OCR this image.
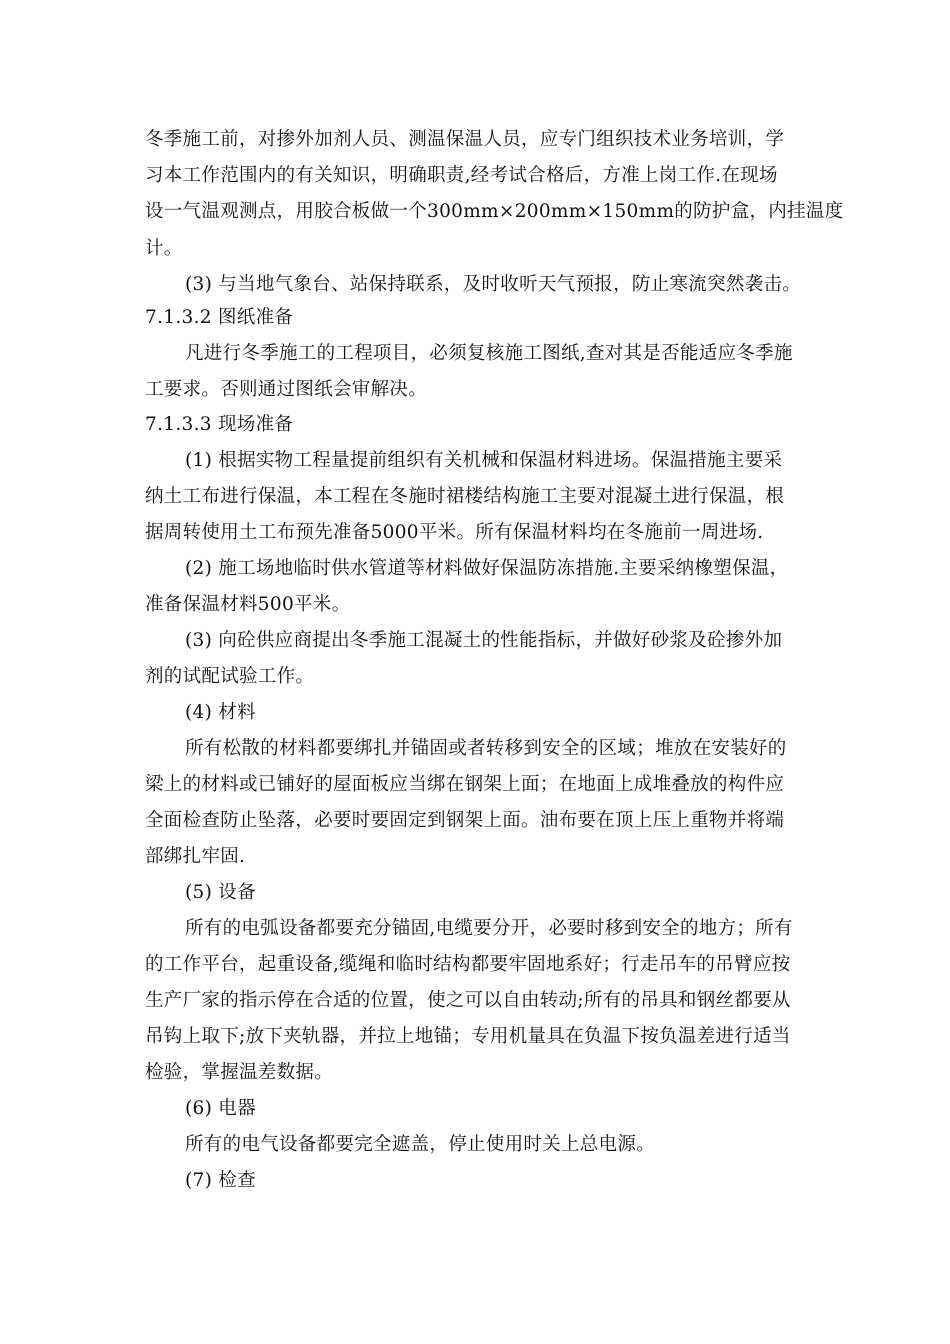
冬季施工前，对掺外加剂人员、测温保温人员，应专门组织技术业务培训，学
习本工作范围内的有关知识，明确职责,经考试合格后，方准上岗工作.在现场
设一气温观测点，用胶合板做一个300mm×200mm×150mm的防护盒，内挂温度
计。
(3) 与当地气象台、站保持联系，及时收听天气预报，防止寒流突然袭击。
7.1.3.2 图纸准备
凡进行冬季施工的工程项目，必须复核施工图纸,查对其是否能适应冬季施
工要求。否则通过图纸会审解决。
7.1.3.3 现场准备
(1) 根据实物工程量提前组织有关机械和保温材料进场。保温措施主要采
纳土工布进行保温，本工程在冬施时裙楼结构施工主要对混凝土进行保温，根
据周转使用土工布预先准备5000平米。所有保温材料均在冬施前一周进场.
(2) 施工场地临时供水管道等材料做好保温防冻措施.主要采纳橡塑保温，
准备保温材料500平米。
(3) 向砼供应商提出冬季施工混凝土的性能指标，并做好砂浆及砼掺外加
剂的试配试验工作。
(4) 材料
所有松散的材料都要绑扎并锚固或者转移到安全的区域；堆放在安装好的
梁上的材料或已铺好的屋面板应当绑在钢架上面；在地面上成堆叠放的构件应
全面检查防止坠落，必要时要固定到钢架上面。油布要在顶上压上重物并将端
部绑扎牢固.
(5) 设备
所有的电弧设备都要充分锚固,电缆要分开，必要时移到安全的地方；所有
的工作平台，起重设备,缆绳和临时结构都要牢固地系好；行走吊车的吊臂应按
生产厂家的指示停在合适的位置，使之可以自由转动;所有的吊具和钢丝都要从
吊钩上取下;放下夹轨器，并拉上地锚；专用机量具在负温下按负温差进行适当
检验，掌握温差数据。
(6) 电器
所有的电气设备都要完全遮盖，停止使用时关上总电源。
(7) 检查
